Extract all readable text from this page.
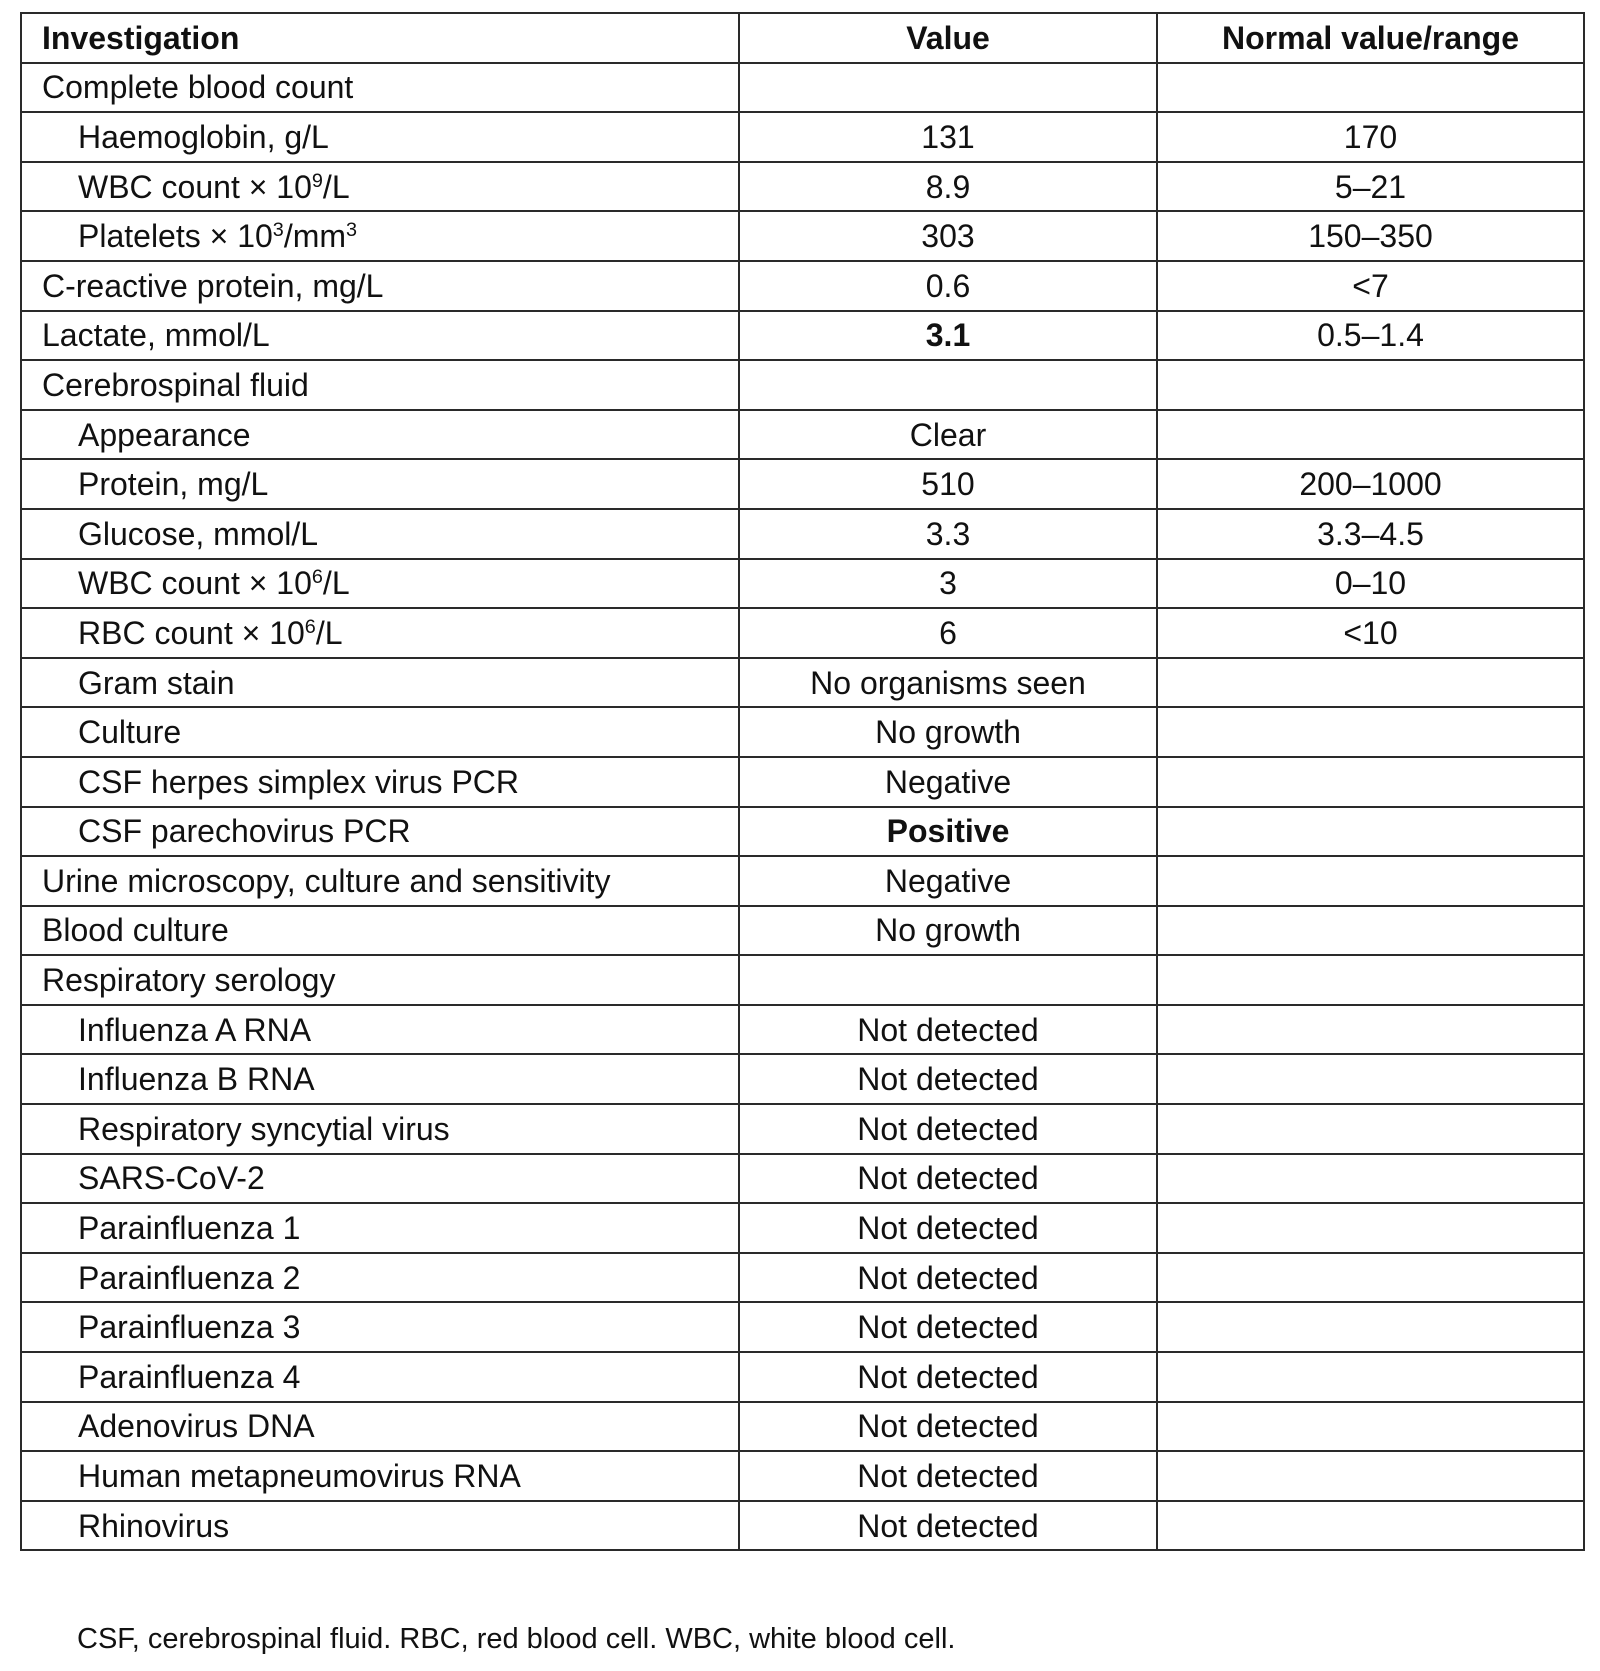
Investigation	Value	Normal value/range
Complete blood count		
Haemoglobin, g/L	131	170
WBC count × $10^9/L$	8.9	5–21
Platelets × $10^3/mm^3$	303	150–350
C-reactive protein, mg/L	0.6	<7
Lactate, mmol/L	3.1	0.5–1.4
Cerebrospinal fluid		
Appearance	Clear	
Protein, mg/L	510	200–1000
Glucose, mmol/L	3.3	3.3–4.5
WBC count × $10^6/L$	3	0–10
RBC count × $10^6/L$	6	<10
Gram stain	No organisms seen	
Culture	No growth	
CSF herpes simplex virus PCR	Negative	
CSF parechovirus PCR	Positive	
Urine microscopy, culture and sensitivity	Negative	
Blood culture	No growth	
Respiratory serology		
Influenza A RNA	Not detected	
Influenza B RNA	Not detected	
Respiratory syncytial virus	Not detected	
SARS-CoV-2	Not detected	
Parainfluenza 1	Not detected	
Parainfluenza 2	Not detected	
Parainfluenza 3	Not detected	
Parainfluenza 4	Not detected	
Adenovirus DNA	Not detected	
Human metapneumovirus RNA	Not detected	
Rhinovirus	Not detected	
CSF, cerebrospinal fluid. RBC, red blood cell. WBC, white blood cell.
